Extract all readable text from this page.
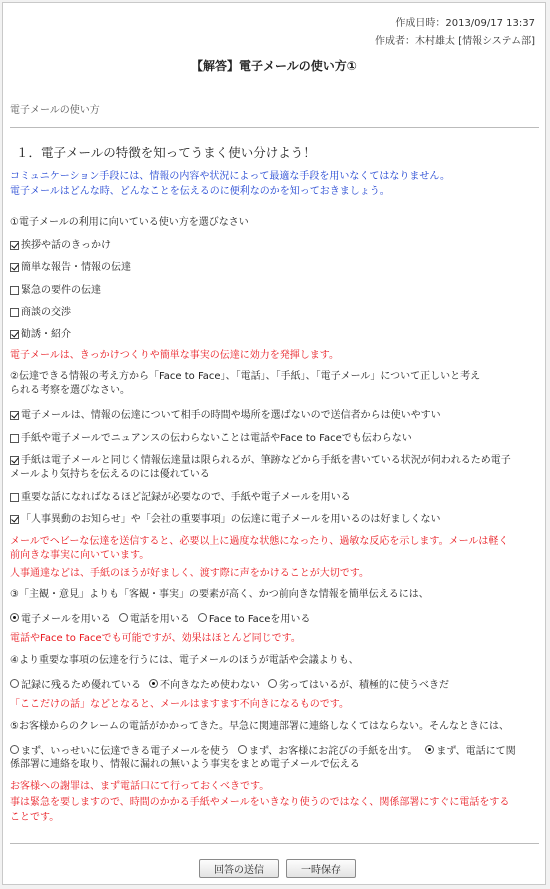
作成日時：2013/09/17 13:37
作成者：木村雄太 [情報システム部]
【解答】電子メールの使い方①
電子メールの使い方
１．電子メールの特徴を知ってうまく使い分けよう！
コミュニケーション手段には、情報の内容や状況によって最適な手段を用いなくてはなりません。
電子メールはどんな時、どんなことを伝えるのに便利なのかを知っておきましょう。
①電子メールの利用に向いている使い方を選びなさい
挨拶や話のきっかけ
簡単な報告・情報の伝達
緊急の要件の伝達
商談の交渉
勧誘・紹介
電子メールは、きっかけつくりや簡単な事実の伝達に効力を発揮します。
②伝達できる情報の考え方から「Face to Face」、「電話」、「手紙」、「電子メール」について正しいと考え
られる考察を選びなさい。
電子メールは、情報の伝達について相手の時間や場所を選ばないので送信者からは使いやすい
手紙や電子メールでニュアンスの伝わらないことは電話やFace to Faceでも伝わらない
手紙は電子メールと同じく情報伝達量は限られるが、筆跡などから手紙を書いている状況が伺われるため電子
メールより気持ちを伝えるのには優れている
重要な話になればなるほど記録が必要なので、手紙や電子メールを用いる
「人事異動のお知らせ」や「会社の重要事項」の伝達に電子メールを用いるのは好ましくない
メールでヘビーな伝達を送信すると、必要以上に過度な状態になったり、過敏な反応を示します。メールは軽く
前向きな事実に向いています。
人事通達などは、手紙のほうが好ましく、渡す際に声をかけることが大切です。
③「主観・意見」よりも「客観・事実」の要素が高く、かつ前向きな情報を簡単伝えるには、
電子メールを用いる 電話を用いる Face to Faceを用いる
電話やFace to Faceでも可能ですが、効果はほとんど同じです。
④より重要な事項の伝達を行うには、電子メールのほうが電話や会議よりも、
記録に残るため優れている 不向きなため使わない 劣ってはいるが、積極的に使うべきだ
「ここだけの話」などとなると、メールはますます不向きになるものです。
⑤お客様からのクレームの電話がかかってきた。早急に関連部署に連絡しなくてはならない。そんなときには、
まず、いっせいに伝達できる電子メールを使う まず、お客様にお詫びの手紙を出す。 まず、電話にて関
係部署に連絡を取り、情報に漏れの無いよう事実をまとめ電子メールで伝える
お客様への謝罪は、まず電話口にて行っておくべきです。
事は緊急を要しますので、時間のかかる手紙やメールをいきなり使うのではなく、関係部署にすぐに電話をする
ことです。
回答の送信	一時保存
